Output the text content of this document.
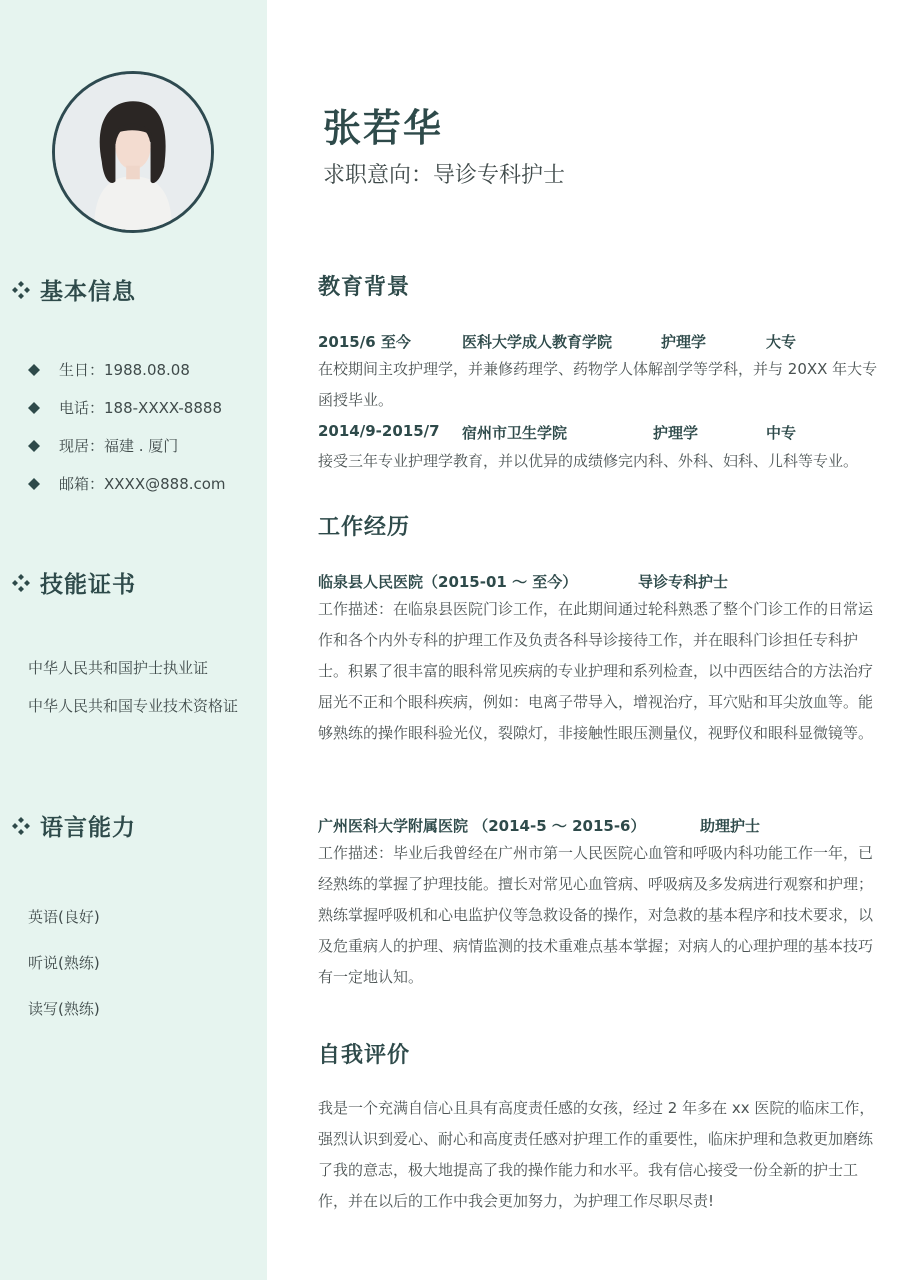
基本信息
生日：1988.08.08
电话：188-XXXX-8888
现居：福建 . 厦门
邮箱：XXXX@888.com
技能证书
中华人民共和国护士执业证
中华人民共和国专业技术资格证
语言能力
英语(良好)
听说(熟练)
读写(熟练)
张若华
求职意向：导诊专科护士
教育背景
2015/6 至今	医科大学成人教育学院	护理学	大专
在校期间主攻护理学，并兼修药理学、药物学人体解剖学等学科，并与 20XX 年大专函授毕业。
2014/9-2015/7 宿州市卫生学院	护理学	中专
接受三年专业护理学教育，并以优异的成绩修完内科、外科、妇科、儿科等专业。
工作经历
临泉县人民医院（2015-01 ～ 至今）	导诊专科护士
工作描述：在临泉县医院门诊工作，在此期间通过轮科熟悉了整个门诊工作的日常运作和各个内外专科的护理工作及负责各科导诊接待工作，并在眼科门诊担任专科护士。积累了很丰富的眼科常见疾病的专业护理和系列检查，以中西医结合的方法治疗屈光不正和个眼科疾病，例如：电离子带导入，增视治疗，耳穴贴和耳尖放血等。能够熟练的操作眼科验光仪，裂隙灯，非接触性眼压测量仪，视野仪和眼科显微镜等。
广州医科大学附属医院 （2014-5 ～ 2015-6）	助理护士
工作描述：毕业后我曾经在广州市第一人民医院心血管和呼吸内科功能工作一年，已经熟练的掌握了护理技能。擅长对常见心血管病、呼吸病及多发病进行观察和护理； 熟练掌握呼吸机和心电监护仪等急救设备的操作，对急救的基本程序和技术要求，以及危重病人的护理、病情监测的技术重难点基本掌握；对病人的心理护理的基本技巧有一定地认知。
自我评价
我是一个充满自信心且具有高度责任感的女孩，经过 2 年多在 xx 医院的临床工作，强烈认识到爱心、耐心和高度责任感对护理工作的重要性，临床护理和急救更加磨练了我的意志，极大地提高了我的操作能力和水平。我有信心接受一份全新的护士工作，并在以后的工作中我会更加努力，为护理工作尽职尽责!
